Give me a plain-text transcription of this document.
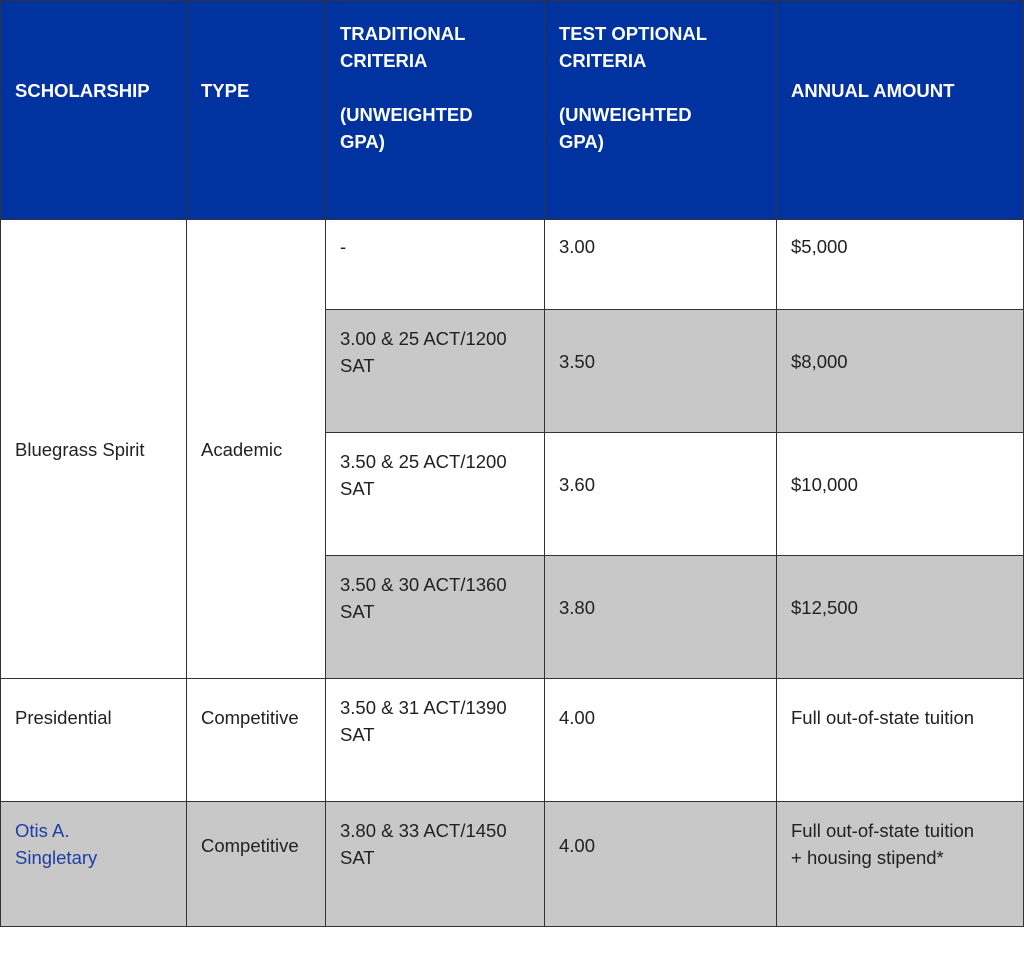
SCHOLARSHIP	TYPE	TRADITIONAL
CRITERIA
(UNWEIGHTED
GPA)	TEST OPTIONAL
CRITERIA
(UNWEIGHTED
GPA)	ANNUAL AMOUNT

Bluegrass Spirit	Academic	-	3.00	$5,000

		3.00 & 25 ACT/1200
SAT	3.50	$8,000

		3.50 & 25 ACT/1200
SAT	3.60	$10,000

		3.50 & 30 ACT/1360
SAT	3.80	$12,500

Presidential	Competitive	3.50 & 31 ACT/1390
SAT	4.00	Full out-of-state tuition

Otis A.
Singletary	Competitive	3.80 & 33 ACT/1450
SAT	4.00	Full out-of-state tuition
+ housing stipend*
